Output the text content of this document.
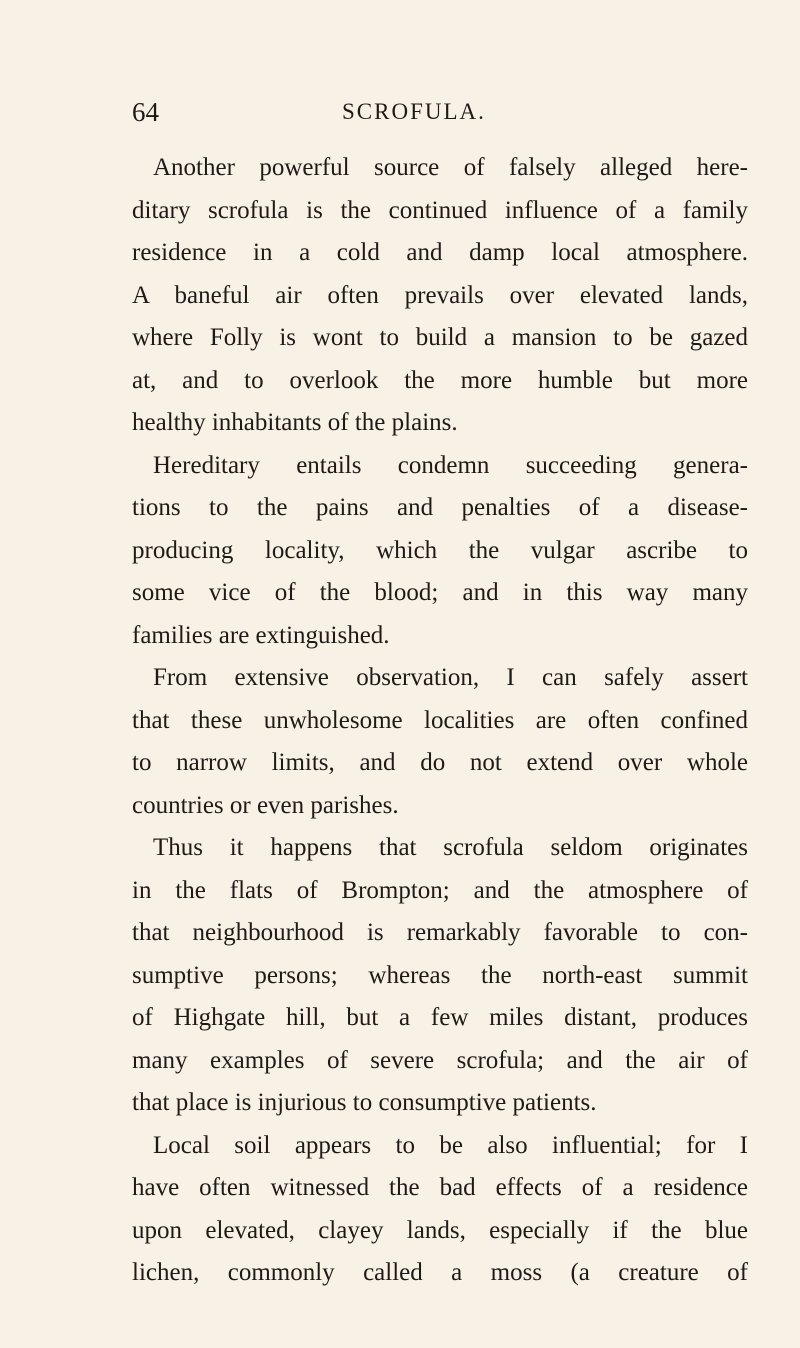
64	SCROFULA.
Another powerful source of falsely alleged here-
ditary scrofula is the continued influence of a family
residence in a cold and damp local atmosphere.
A baneful air often prevails over elevated lands,
where Folly is wont to build a mansion to be gazed
at, and to overlook the more humble but more
healthy inhabitants of the plains.
Hereditary entails condemn succeeding genera-
tions to the pains and penalties of a disease-
producing locality, which the vulgar ascribe to
some vice of the blood; and in this way many
families are extinguished.
From extensive observation, I can safely assert
that these unwholesome localities are often confined
to narrow limits, and do not extend over whole
countries or even parishes.
Thus it happens that scrofula seldom originates
in the flats of Brompton; and the atmosphere of
that neighbourhood is remarkably favorable to con-
sumptive persons; whereas the north-east summit
of Highgate hill, but a few miles distant, produces
many examples of severe scrofula; and the air of
that place is injurious to consumptive patients.
Local soil appears to be also influential; for I
have often witnessed the bad effects of a residence
upon elevated, clayey lands, especially if the blue
lichen, commonly called a moss (a creature of
